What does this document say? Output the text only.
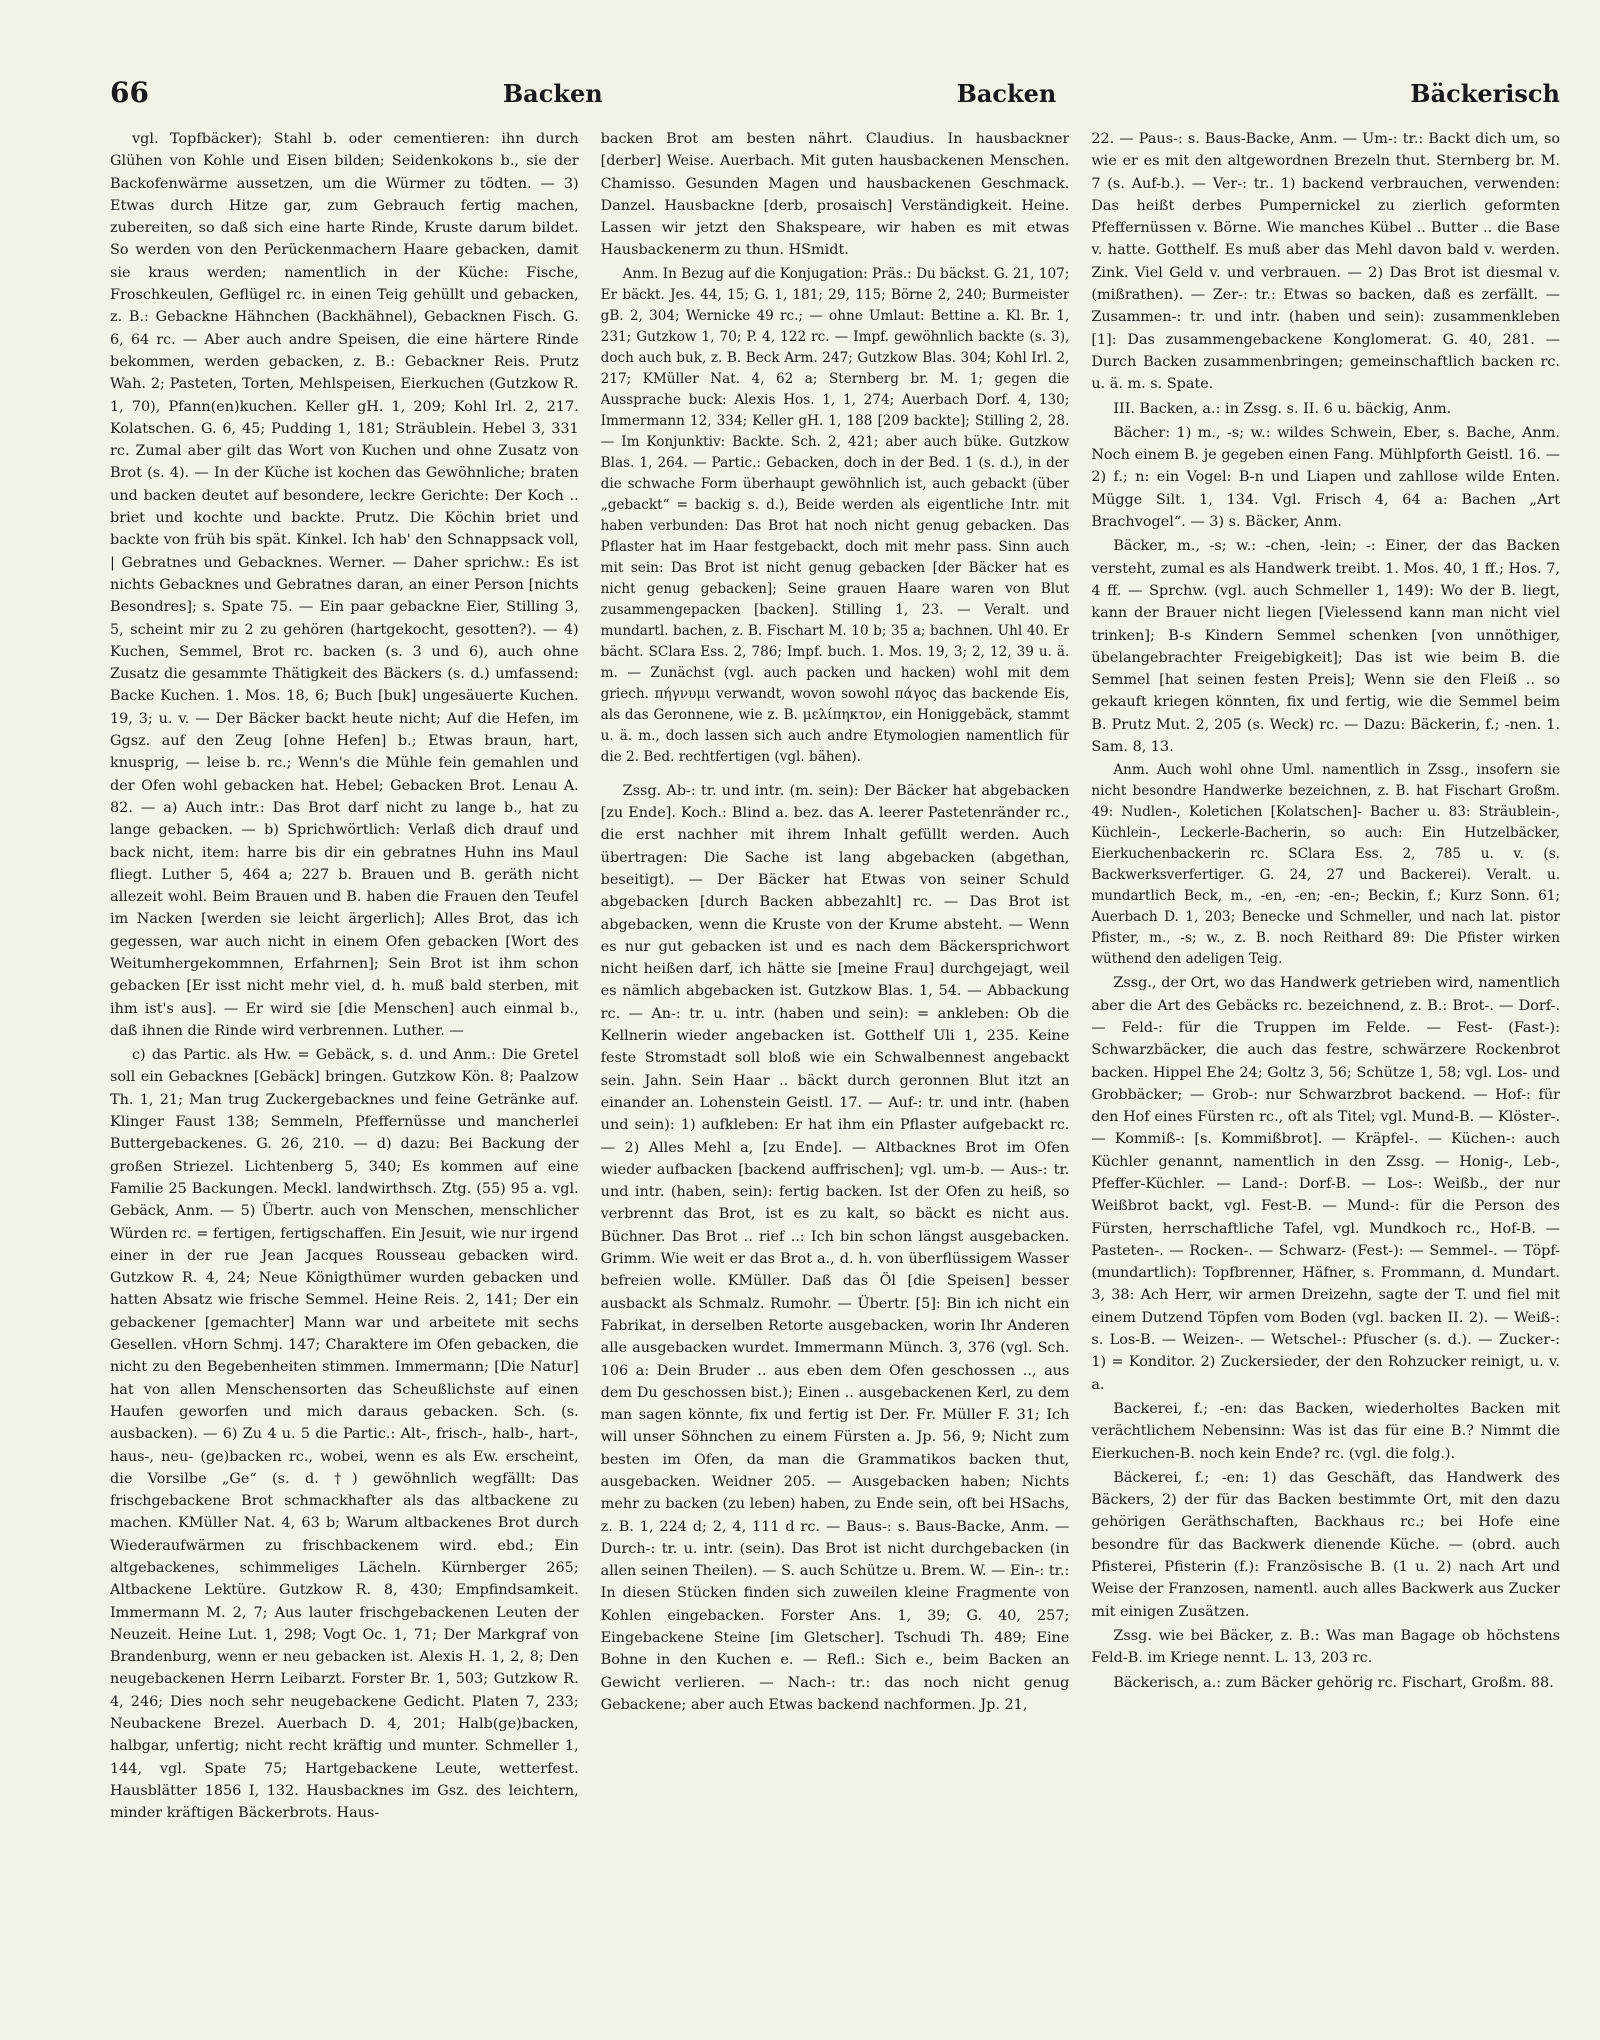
66	Backen	Backen	Bäckerisch

vgl. Topfbäcker); Stahl b. oder cementieren: ihn durch Glühen von Kohle und Eisen bilden; Seidenkokons b., sie der Backofenwärme aussetzen, um die Würmer zu tödten. — 3) Etwas durch Hitze gar, zum Gebrauch fertig machen, zubereiten, so daß sich eine harte Rinde, Kruste darum bildet. So werden von den Perückenmachern Haare gebacken, damit sie kraus werden; namentlich in der Küche: Fische, Froschkeulen, Geflügel rc. in einen Teig gehüllt und gebacken, z. B.: Gebackne Hähnchen (Backhähnel), Gebacknen Fisch. G. 6, 64 rc. — Aber auch andre Speisen, die eine härtere Rinde bekommen, werden gebacken, z. B.: Gebackner Reis. Prutz Wah. 2; Pasteten, Torten, Mehlspeisen, Eierkuchen (Gutzkow R. 1, 70), Pfann(en)kuchen. Keller gH. 1, 209; Kohl Irl. 2, 217. Kolatschen. G. 6, 45; Pudding 1, 181; Sträublein. Hebel 3, 331 rc. Zumal aber gilt das Wort von Kuchen und ohne Zusatz von Brot (s. 4). — In der Küche ist kochen das Gewöhnliche; braten und backen deutet auf besondere, leckre Gerichte: Der Koch .. briet und kochte und backte. Prutz. Die Köchin briet und backte von früh bis spät. Kinkel. Ich hab' den Schnappsack voll, | Gebratnes und Gebacknes. Werner. — Daher sprichw.: Es ist nichts Gebacknes und Gebratnes daran, an einer Person [nichts Besondres]; s. Spate 75. — Ein paar gebackne Eier, Stilling 3, 5, scheint mir zu 2 zu gehören (hartgekocht, gesotten?). — 4) Kuchen, Semmel, Brot rc. backen (s. 3 und 6), auch ohne Zusatz die gesammte Thätigkeit des Bäckers (s. d.) umfassend: Backe Kuchen. 1. Mos. 18, 6; Buch [buk] ungesäuerte Kuchen. 19, 3; u. v. — Der Bäcker backt heute nicht; Auf die Hefen, im Ggsz. auf den Zeug [ohne Hefen] b.; Etwas braun, hart, knusprig, — leise b. rc.; Wenn's die Mühle fein gemahlen und der Ofen wohl gebacken hat. Hebel; Gebacken Brot. Lenau A. 82. — a) Auch intr.: Das Brot darf nicht zu lange b., hat zu lange gebacken. — b) Sprichwörtlich: Verlaß dich drauf und back nicht, item: harre bis dir ein gebratnes Huhn ins Maul fliegt. Luther 5, 464 a; 227 b. Brauen und B. geräth nicht allezeit wohl. Beim Brauen und B. haben die Frauen den Teufel im Nacken [werden sie leicht ärgerlich]; Alles Brot, das ich gegessen, war auch nicht in einem Ofen gebacken [Wort des Weitumhergekommnen, Erfahrnen]; Sein Brot ist ihm schon gebacken [Er isst nicht mehr viel, d. h. muß bald sterben, mit ihm ist's aus]. — Er wird sie [die Menschen] auch einmal b., daß ihnen die Rinde wird verbrennen. Luther. —

c) das Partic. als Hw. = Gebäck, s. d. und Anm.: Die Gretel soll ein Gebacknes [Gebäck] bringen. Gutzkow Kön. 8; Paalzow Th. 1, 21; Man trug Zuckergebacknes und feine Getränke auf. Klinger Faust 138; Semmeln, Pfeffernüsse und mancherlei Buttergebackenes. G. 26, 210. — d) dazu: Bei Backung der großen Striezel. Lichtenberg 5, 340; Es kommen auf eine Familie 25 Backungen. Meckl. landwirthsch. Ztg. (55) 95 a. vgl. Gebäck, Anm. — 5) Übertr. auch von Menschen, menschlicher Würden rc. = fertigen, fertigschaffen. Ein Jesuit, wie nur irgend einer in der rue Jean Jacques Rousseau gebacken wird. Gutzkow R. 4, 24; Neue Königthümer wurden gebacken und hatten Absatz wie frische Semmel. Heine Reis. 2, 141; Der ein gebackener [gemachter] Mann war und arbeitete mit sechs Gesellen. vHorn Schmj. 147; Charaktere im Ofen gebacken, die nicht zu den Begebenheiten stimmen. Immermann; [Die Natur] hat von allen Menschensorten das Scheußlichste auf einen Haufen geworfen und mich daraus gebacken. Sch. (s. ausbacken). — 6) Zu 4 u. 5 die Partic.: Alt-, frisch-, halb-, hart-, haus-, neu- (ge)backen rc., wobei, wenn es als Ew. erscheint, die Vorsilbe „Ge“ (s. d. †) gewöhnlich wegfällt: Das frischgebackene Brot schmackhafter als das altbackene zu machen. KMüller Nat. 4, 63 b; Warum altbackenes Brot durch Wiederaufwärmen zu frischbackenem wird. ebd.; Ein altgebackenes, schimmeliges Lächeln. Kürnberger 265; Altbackene Lektüre. Gutzkow R. 8, 430; Empfindsamkeit. Immermann M. 2, 7; Aus lauter frischgebackenen Leuten der Neuzeit. Heine Lut. 1, 298; Vogt Oc. 1, 71; Der Markgraf von Brandenburg, wenn er neu gebacken ist. Alexis H. 1, 2, 8; Den neugebackenen Herrn Leibarzt. Forster Br. 1, 503; Gutzkow R. 4, 246; Dies noch sehr neugebackene Gedicht. Platen 7, 233; Neubackene Brezel. Auerbach D. 4, 201; Halb(ge)backen, halbgar, unfertig; nicht recht kräftig und munter. Schmeller 1, 144, vgl. Spate 75; Hartgebackene Leute, wetterfest. Hausblätter 1856 I, 132. Hausbacknes im Gsz. des leichtern, minder kräftigen Bäckerbrots. Haus-

backen Brot am besten nährt. Claudius. In hausbackner [derber] Weise. Auerbach. Mit guten hausbackenen Menschen. Chamisso. Gesunden Magen und hausbackenen Geschmack. Danzel. Hausbackne [derb, prosaisch] Verständigkeit. Heine. Lassen wir jetzt den Shakspeare, wir haben es mit etwas Hausbackenerm zu thun. HSmidt.

Anm. In Bezug auf die Konjugation: Präs.: Du bäckst. G. 21, 107; Er bäckt. Jes. 44, 15; G. 1, 181; 29, 115; Börne 2, 240; Burmeister gB. 2, 304; Wernicke 49 rc.; — ohne Umlaut: Bettine a. Kl. Br. 1, 231; Gutzkow 1, 70; P. 4, 122 rc. — Impf. gewöhnlich backte (s. 3), doch auch buk, z. B. Beck Arm. 247; Gutzkow Blas. 304; Kohl Irl. 2, 217; KMüller Nat. 4, 62 a; Sternberg br. M. 1; gegen die Aussprache buck: Alexis Hos. 1, 1, 274; Auerbach Dorf. 4, 130; Immermann 12, 334; Keller gH. 1, 188 [209 backte]; Stilling 2, 28. — Im Konjunktiv: Backte. Sch. 2, 421; aber auch büke. Gutzkow Blas. 1, 264. — Partic.: Gebacken, doch in der Bed. 1 (s. d.), in der die schwache Form überhaupt gewöhnlich ist, auch gebackt (über „gebackt“ = backig s. d.), Beide werden als eigentliche Intr. mit haben verbunden: Das Brot hat noch nicht genug gebacken. Das Pflaster hat im Haar festgebackt, doch mit mehr pass. Sinn auch mit sein: Das Brot ist nicht genug gebacken [der Bäcker hat es nicht genug gebacken]; Seine grauen Haare waren von Blut zusammengepacken [backen]. Stilling 1, 23. — Veralt. und mundartl. bachen, z. B. Fischart M. 10 b; 35 a; bachnen. Uhl 40. Er bächt. SClara Ess. 2, 786; Impf. buch. 1. Mos. 19, 3; 2, 12, 39 u. ä. m. — Zunächst (vgl. auch packen und hacken) wohl mit dem griech. πήγνυμι verwandt, wovon sowohl πάγος das backende Eis, als das Geronnene, wie z. B. μελίπηκτον, ein Honiggebäck, stammt u. ä. m., doch lassen sich auch andre Etymologien namentlich für die 2. Bed. rechtfertigen (vgl. bähen).

Zssg. Ab-: tr. und intr. (m. sein): Der Bäcker hat abgebacken [zu Ende]. Koch.: Blind a. bez. das A. leerer Pastetenränder rc., die erst nachher mit ihrem Inhalt gefüllt werden. Auch übertragen: Die Sache ist lang abgebacken (abgethan, beseitigt). — Der Bäcker hat Etwas von seiner Schuld abgebacken [durch Backen abbezahlt] rc. — Das Brot ist abgebacken, wenn die Kruste von der Krume absteht. — Wenn es nur gut gebacken ist und es nach dem Bäckersprichwort nicht heißen darf, ich hätte sie [meine Frau] durchgejagt, weil es nämlich abgebacken ist. Gutzkow Blas. 1, 54. — Abbackung rc. — An-: tr. u. intr. (haben und sein): = ankleben: Ob die Kellnerin wieder angebacken ist. Gotthelf Uli 1, 235. Keine feste Stromstadt soll bloß wie ein Schwalbennest angebackt sein. Jahn. Sein Haar .. bäckt durch geronnen Blut itzt an einander an. Lohenstein Geistl. 17. — Auf-: tr. und intr. (haben und sein): 1) aufkleben: Er hat ihm ein Pflaster aufgebackt rc. — 2) Alles Mehl a, [zu Ende]. — Altbacknes Brot im Ofen wieder aufbacken [backend auffrischen]; vgl. um-b. — Aus-: tr. und intr. (haben, sein): fertig backen. Ist der Ofen zu heiß, so verbrennt das Brot, ist es zu kalt, so bäckt es nicht aus. Büchner. Das Brot .. rief ..: Ich bin schon längst ausgebacken. Grimm. Wie weit er das Brot a., d. h. von überflüssigem Wasser befreien wolle. KMüller. Daß das Öl [die Speisen] besser ausbackt als Schmalz. Rumohr. — Übertr. [5]: Bin ich nicht ein Fabrikat, in derselben Retorte ausgebacken, worin Ihr Anderen alle ausgebacken wurdet. Immermann Münch. 3, 376 (vgl. Sch. 106 a: Dein Bruder .. aus eben dem Ofen geschossen .., aus dem Du geschossen bist.); Einen .. ausgebackenen Kerl, zu dem man sagen könnte, fix und fertig ist Der. Fr. Müller F. 31; Ich will unser Söhnchen zu einem Fürsten a. Jp. 56, 9; Nicht zum besten im Ofen, da man die Grammatikos backen thut, ausgebacken. Weidner 205. — Ausgebacken haben; Nichts mehr zu backen (zu leben) haben, zu Ende sein, oft bei HSachs, z. B. 1, 224 d; 2, 4, 111 d rc. — Baus-: s. Baus-Backe, Anm. — Durch-: tr. u. intr. (sein). Das Brot ist nicht durchgebacken (in allen seinen Theilen). — S. auch Schütze u. Brem. W. — Ein-: tr.: In diesen Stücken finden sich zuweilen kleine Fragmente von Kohlen eingebacken. Forster Ans. 1, 39; G. 40, 257; Eingebackene Steine [im Gletscher]. Tschudi Th. 489; Eine Bohne in den Kuchen e. — Refl.: Sich e., beim Backen an Gewicht verlieren. — Nach-: tr.: das noch nicht genug Gebackene; aber auch Etwas backend nachformen. Jp. 21,

22. — Paus-: s. Baus-Backe, Anm. — Um-: tr.: Backt dich um, so wie er es mit den altgewordnen Brezeln thut. Sternberg br. M. 7 (s. Auf-b.). — Ver-: tr.. 1) backend verbrauchen, verwenden: Das heißt derbes Pumpernickel zu zierlich geformten Pfeffernüssen v. Börne. Wie manches Kübel .. Butter .. die Base v. hatte. Gotthelf. Es muß aber das Mehl davon bald v. werden. Zink. Viel Geld v. und verbrauen. — 2) Das Brot ist diesmal v. (mißrathen). — Zer-: tr.: Etwas so backen, daß es zerfällt. — Zusammen-: tr. und intr. (haben und sein): zusammenkleben [1]: Das zusammengebackene Konglomerat. G. 40, 281. — Durch Backen zusammenbringen; gemeinschaftlich backen rc. u. ä. m. s. Spate.

III. Backen, a.: in Zssg. s. II. 6 u. bäckig, Anm.

Bächer: 1) m., -s; w.: wildes Schwein, Eber, s. Bache, Anm. Noch einem B. je gegeben einen Fang. Mühlpforth Geistl. 16. — 2) f.; n: ein Vogel: B-n und Liapen und zahllose wilde Enten. Mügge Silt. 1, 134. Vgl. Frisch 4, 64 a: Bachen „Art Brachvogel“. — 3) s. Bäcker, Anm.

Bäcker, m., -s; w.: -chen, -lein; -: Einer, der das Backen versteht, zumal es als Handwerk treibt. 1. Mos. 40, 1 ff.; Hos. 7, 4 ff. — Sprchw. (vgl. auch Schmeller 1, 149): Wo der B. liegt, kann der Brauer nicht liegen [Vielessend kann man nicht viel trinken]; B-s Kindern Semmel schenken [von unnöthiger, übelangebrachter Freigebigkeit]; Das ist wie beim B. die Semmel [hat seinen festen Preis]; Wenn sie den Fleiß .. so gekauft kriegen könnten, fix und fertig, wie die Semmel beim B. Prutz Mut. 2, 205 (s. Weck) rc. — Dazu: Bäckerin, f.; -nen. 1. Sam. 8, 13.

Anm. Auch wohl ohne Uml. namentlich in Zssg., insofern sie nicht besondre Handwerke bezeichnen, z. B. hat Fischart Großm. 49: Nudlen-, Koletichen [Kolatschen]- Bacher u. 83: Sträublein-, Küchlein-, Leckerle-Bacherin, so auch: Ein Hutzelbäcker, Eierkuchenbackerin rc. SClara Ess. 2, 785 u. v. (s. Backwerksverfertiger. G. 24, 27 und Backerei). Veralt. u. mundartlich Beck, m., -en, -en; -en-; Beckin, f.; Kurz Sonn. 61; Auerbach D. 1, 203; Benecke und Schmeller, und nach lat. pistor Pfister, m., -s; w., z. B. noch Reithard 89: Die Pfister wirken wüthend den adeligen Teig.

Zssg., der Ort, wo das Handwerk getrieben wird, namentlich aber die Art des Gebäcks rc. bezeichnend, z. B.: Brot-. — Dorf-. — Feld-: für die Truppen im Felde. — Fest- (Fast-): Schwarzbäcker, die auch das festre, schwärzere Rockenbrot backen. Hippel Ehe 24; Goltz 3, 56; Schütze 1, 58; vgl. Los- und Grobbäcker; — Grob-: nur Schwarzbrot backend. — Hof-: für den Hof eines Fürsten rc., oft als Titel; vgl. Mund-B. — Klöster-. — Kommiß-: [s. Kommißbrot]. — Kräpfel-. — Küchen-: auch Küchler genannt, namentlich in den Zssg. — Honig-, Leb-, Pfeffer-Küchler. — Land-: Dorf-B. — Los-: Weißb., der nur Weißbrot backt, vgl. Fest-B. — Mund-: für die Person des Fürsten, herrschaftliche Tafel, vgl. Mundkoch rc., Hof-B. — Pasteten-. — Rocken-. — Schwarz- (Fest-): — Semmel-. — Töpf- (mundartlich): Topfbrenner, Häfner, s. Frommann, d. Mundart. 3, 38: Ach Herr, wir armen Dreizehn, sagte der T. und fiel mit einem Dutzend Töpfen vom Boden (vgl. backen II. 2). — Weiß-: s. Los-B. — Weizen-. — Wetschel-: Pfuscher (s. d.). — Zucker-: 1) = Konditor. 2) Zuckersieder, der den Rohzucker reinigt, u. v. a.

Backerei, f.; -en: das Backen, wiederholtes Backen mit verächtlichem Nebensinn: Was ist das für eine B.? Nimmt die Eierkuchen-B. noch kein Ende? rc. (vgl. die folg.).

Bäckerei, f.; -en: 1) das Geschäft, das Handwerk des Bäckers, 2) der für das Backen bestimmte Ort, mit den dazu gehörigen Geräthschaften, Backhaus rc.; bei Hofe eine besondre für das Backwerk dienende Küche. — (obrd. auch Pfisterei, Pfisterin (f.): Französische B. (1 u. 2) nach Art und Weise der Franzosen, namentl. auch alles Backwerk aus Zucker mit einigen Zusätzen.

Zssg. wie bei Bäcker, z. B.: Was man Bagage ob höchstens Feld-B. im Kriege nennt. L. 13, 203 rc.

Bäckerisch, a.: zum Bäcker gehörig rc. Fischart, Großm. 88.
